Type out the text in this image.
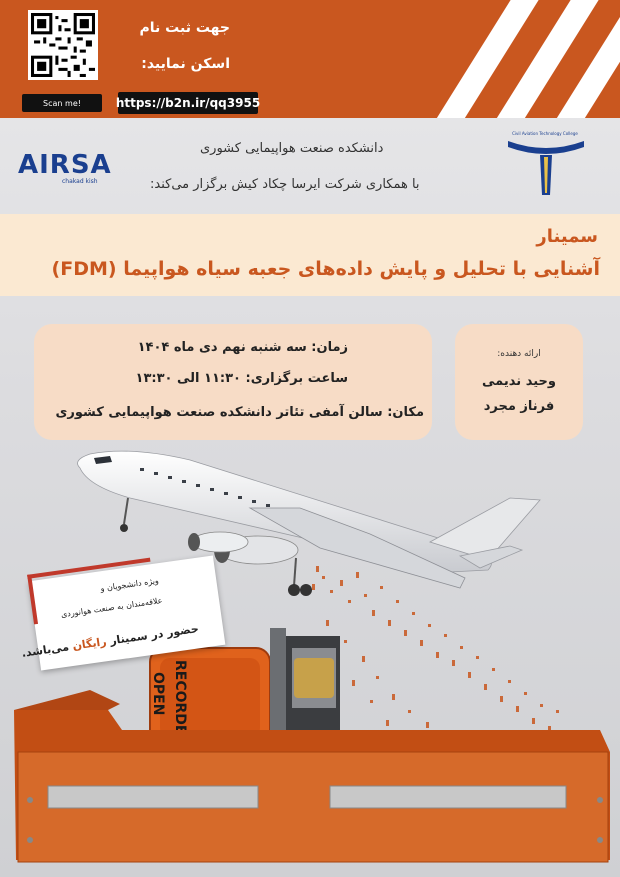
Scan me!	https://b2n.ir/qq3955
جهت ثبت نام
اسکن نمایید:
AIRSA
chakad kish
Civil Aviation Technology College
دانشکده صنعت هواپیمایی کشوری
با همکاری شرکت ایرسا چکاد کیش برگزار می‌کند:
سمینار
آشنایی با تحلیل و پایش داده‌های جعبه سیاه هواپیما (FDM)
زمان: سه شنبه نهم دی ماه ۱۴۰۴
ساعت برگزاری: ۱۱:۳۰ الی ۱۳:۳۰
مکان: سالن آمفی تئاتر دانشکده صنعت هواپیمایی کشوری
ارائه دهنده:
وحید ندیمی
فرناز مجرد
RECORDER
OPEN
ویژه دانشجویان و
علاقه‌مندان به صنعت هوانوردی
حضور در سمینار رایگان می‌باشد.
